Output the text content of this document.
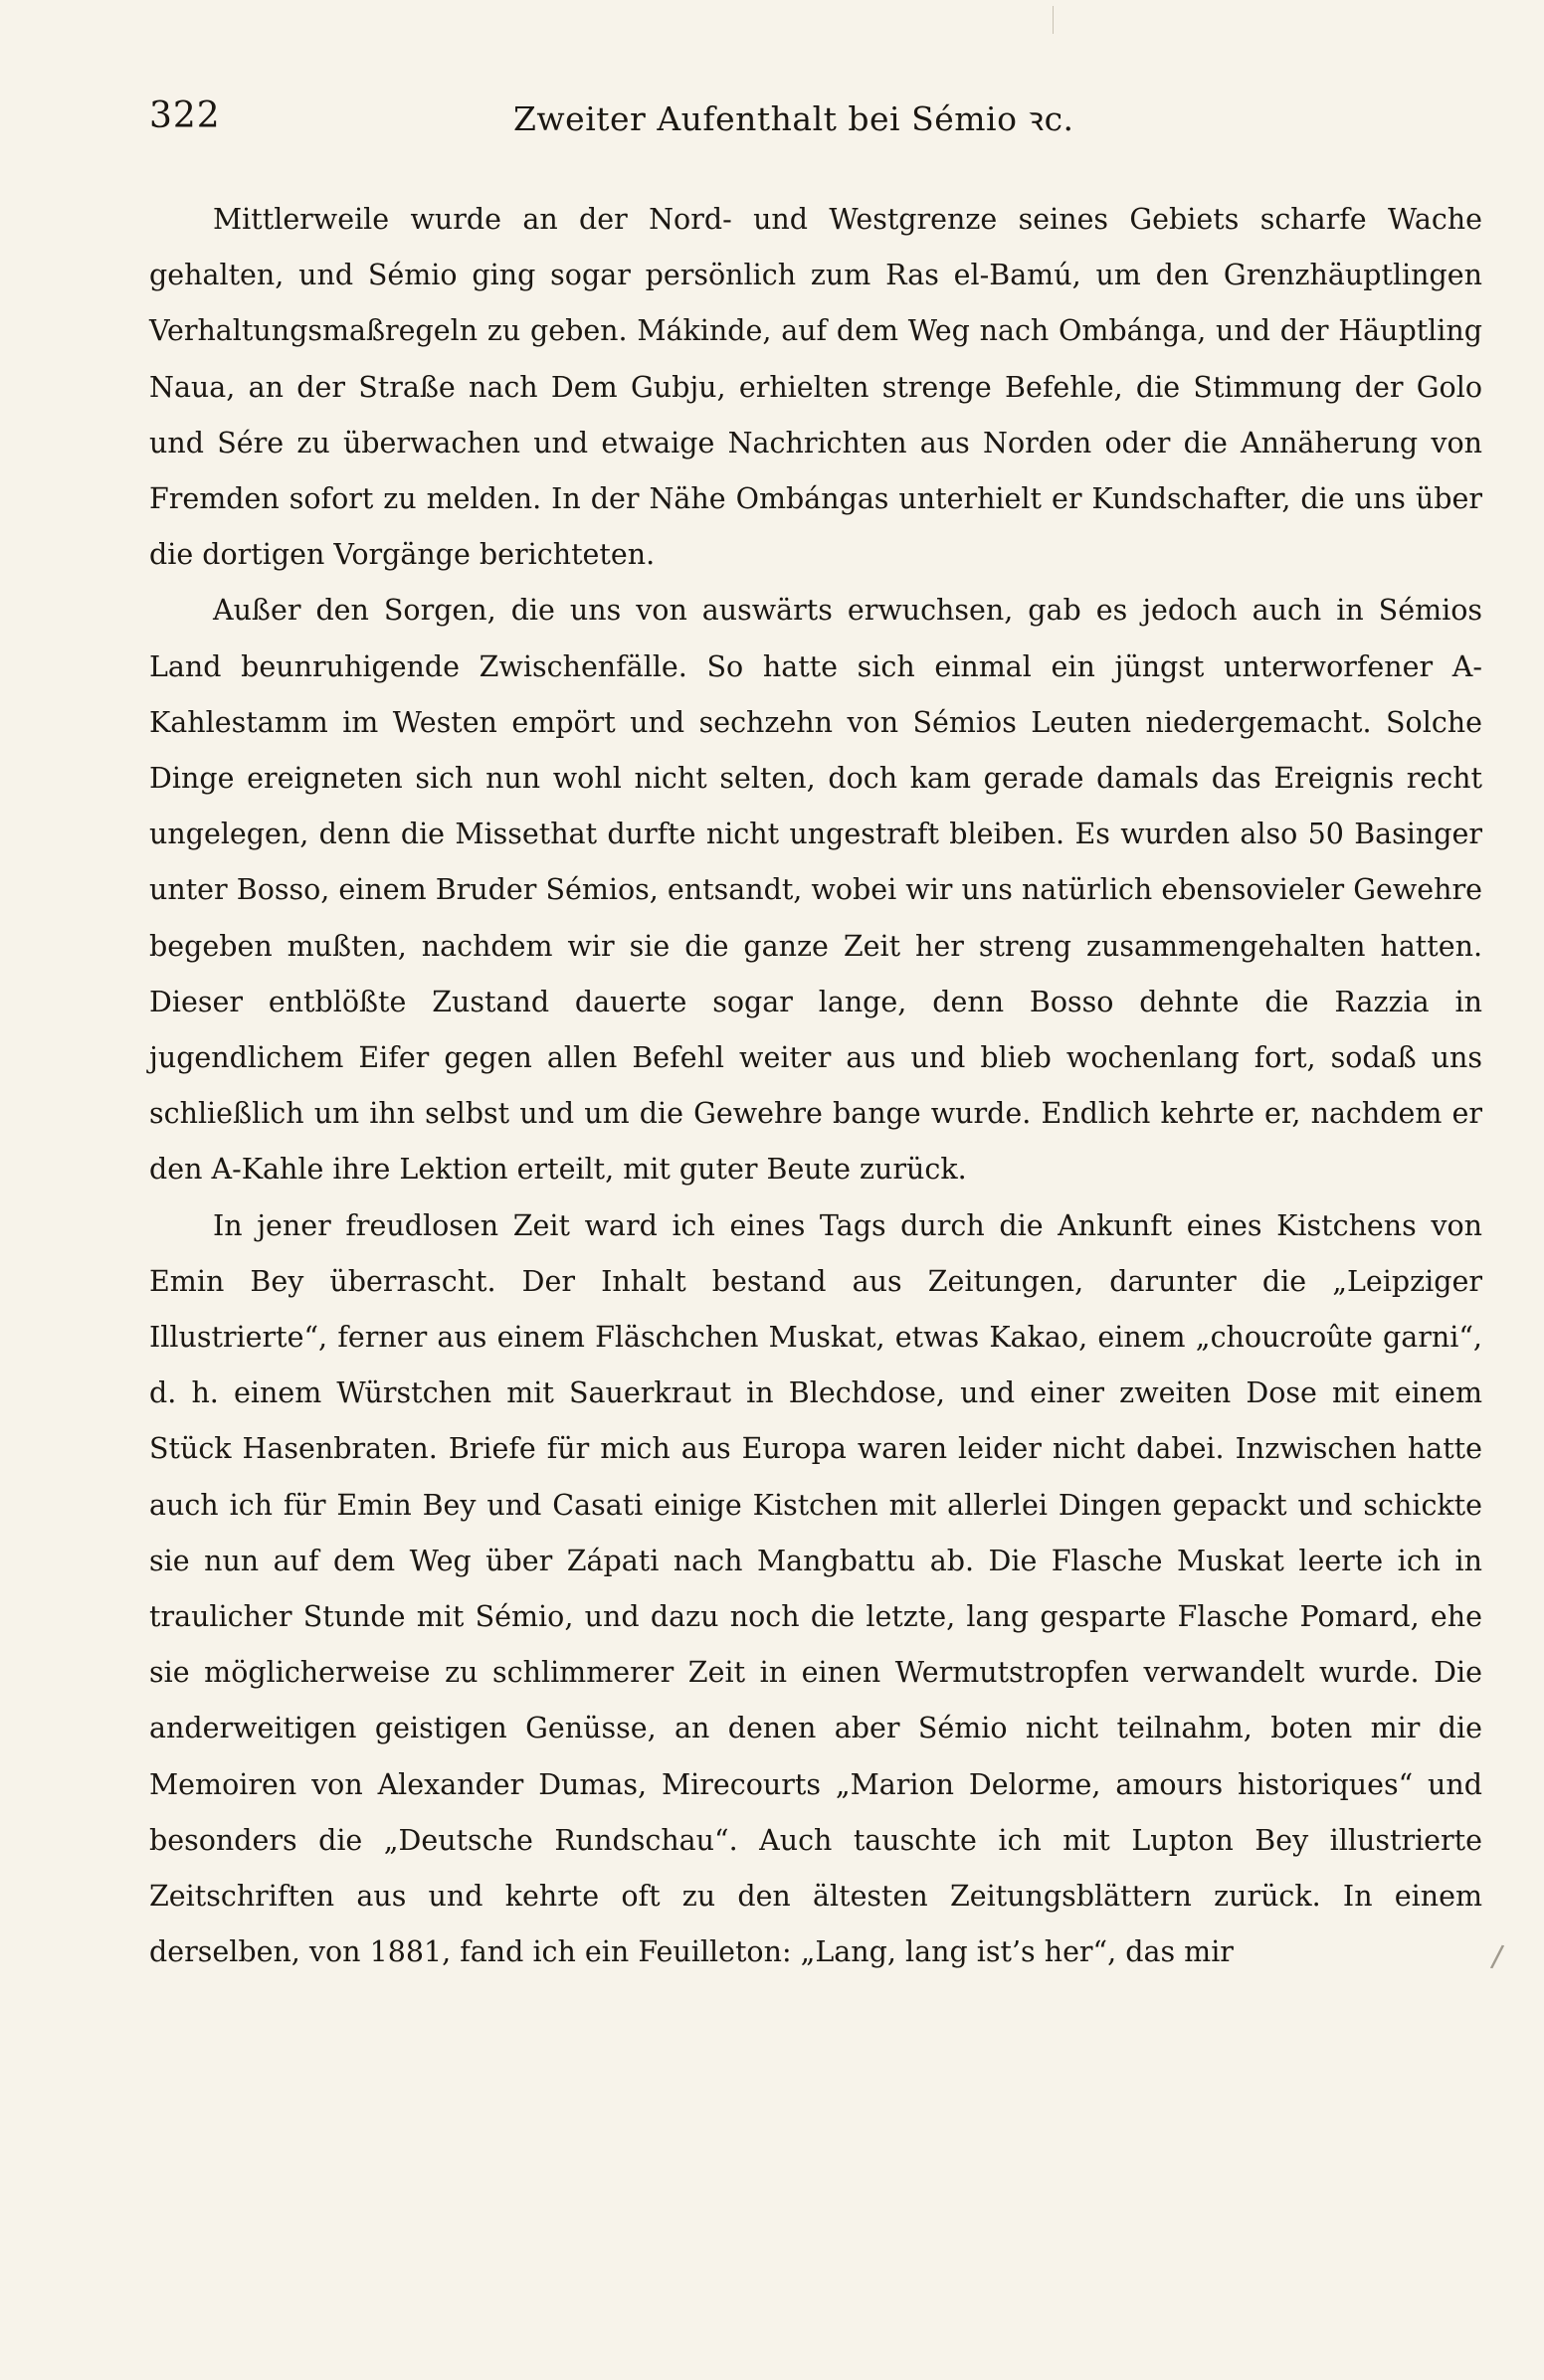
322	Zweiter Aufenthalt bei Sémio ꝛc.

Mittlerweile wurde an der Nord- und Westgrenze seines Gebiets scharfe Wache gehalten, und Sémio ging sogar persönlich zum Ras el-Bamú, um den Grenzhäuptlingen Verhaltungsmaßregeln zu geben. Mákinde, auf dem Weg nach Ombánga, und der Häuptling Naua, an der Straße nach Dem Gubju, erhielten strenge Befehle, die Stimmung der Golo und Sére zu überwachen und etwaige Nachrichten aus Norden oder die Annäherung von Fremden sofort zu melden. In der Nähe Ombángas unterhielt er Kundschafter, die uns über die dortigen Vorgänge berichteten.

Außer den Sorgen, die uns von auswärts erwuchsen, gab es jedoch auch in Sémios Land beunruhigende Zwischenfälle. So hatte sich einmal ein jüngst unterworfener A-Kahlestamm im Westen empört und sechzehn von Sémios Leuten niedergemacht. Solche Dinge ereigneten sich nun wohl nicht selten, doch kam gerade damals das Ereignis recht ungelegen, denn die Missethat durfte nicht ungestraft bleiben. Es wurden also 50 Basinger unter Bosso, einem Bruder Sémios, entsandt, wobei wir uns natürlich ebensovieler Gewehre begeben mußten, nachdem wir sie die ganze Zeit her streng zusammengehalten hatten. Dieser entblößte Zustand dauerte sogar lange, denn Bosso dehnte die Razzia in jugendlichem Eifer gegen allen Befehl weiter aus und blieb wochenlang fort, sodaß uns schließlich um ihn selbst und um die Gewehre bange wurde. Endlich kehrte er, nachdem er den A-Kahle ihre Lektion erteilt, mit guter Beute zurück.

In jener freudlosen Zeit ward ich eines Tags durch die Ankunft eines Kistchens von Emin Bey überrascht. Der Inhalt bestand aus Zeitungen, darunter die „Leipziger Illustrierte“, ferner aus einem Fläschchen Muskat, etwas Kakao, einem „choucroûte garni“, d. h. einem Würstchen mit Sauerkraut in Blechdose, und einer zweiten Dose mit einem Stück Hasenbraten. Briefe für mich aus Europa waren leider nicht dabei. Inzwischen hatte auch ich für Emin Bey und Casati einige Kistchen mit allerlei Dingen gepackt und schickte sie nun auf dem Weg über Zápati nach Mangbattu ab. Die Flasche Muskat leerte ich in traulicher Stunde mit Sémio, und dazu noch die letzte, lang gesparte Flasche Pomard, ehe sie möglicherweise zu schlimmerer Zeit in einen Wermutstropfen verwandelt wurde. Die anderweitigen geistigen Genüsse, an denen aber Sémio nicht teilnahm, boten mir die Memoiren von Alexander Dumas, Mirecourts „Marion Delorme, amours historiques“ und besonders die „Deutsche Rundschau“. Auch tauschte ich mit Lupton Bey illustrierte Zeitschriften aus und kehrte oft zu den ältesten Zeitungsblättern zurück. In einem derselben, von 1881, fand ich ein Feuilleton: „Lang, lang ist’s her“, das mir	/
